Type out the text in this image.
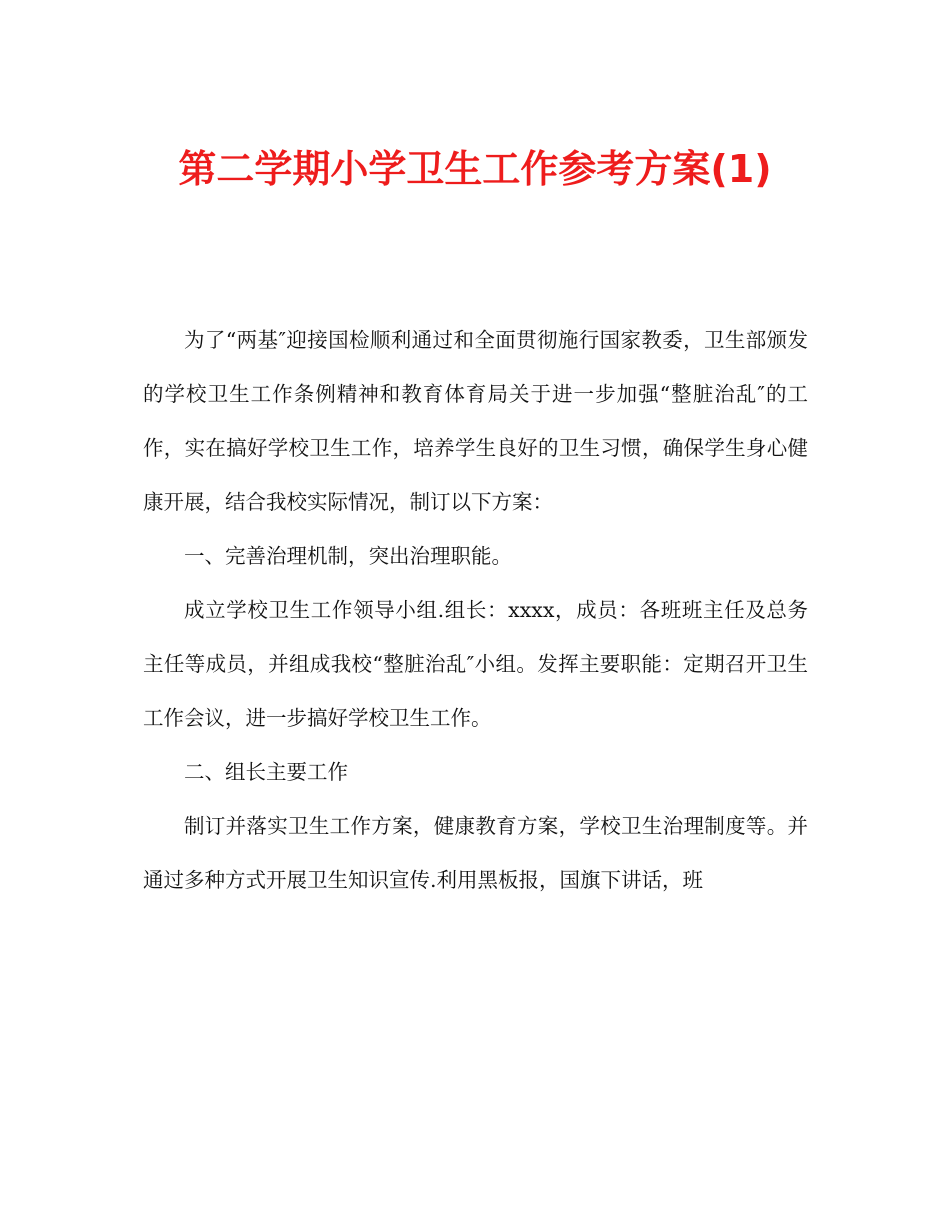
第二学期小学卫生工作参考方案(1)

为了“两基″迎接国检顺利通过和全面贯彻施行国家教委，卫生部颁发的学校卫生工作条例精神和教育体育局关于进一步加强“整脏治乱″的工作，实在搞好学校卫生工作，培养学生良好的卫生习惯，确保学生身心健康开展，结合我校实际情况，制订以下方案：

一、完善治理机制，突出治理职能。

成立学校卫生工作领导小组.组长：xxxx，成员：各班班主任及总务主任等成员，并组成我校“整脏治乱″小组。发挥主要职能：定期召开卫生工作会议，进一步搞好学校卫生工作。

二、组长主要工作

制订并落实卫生工作方案，健康教育方案，学校卫生治理制度等。并通过多种方式开展卫生知识宣传.利用黑板报，国旗下讲话，班
